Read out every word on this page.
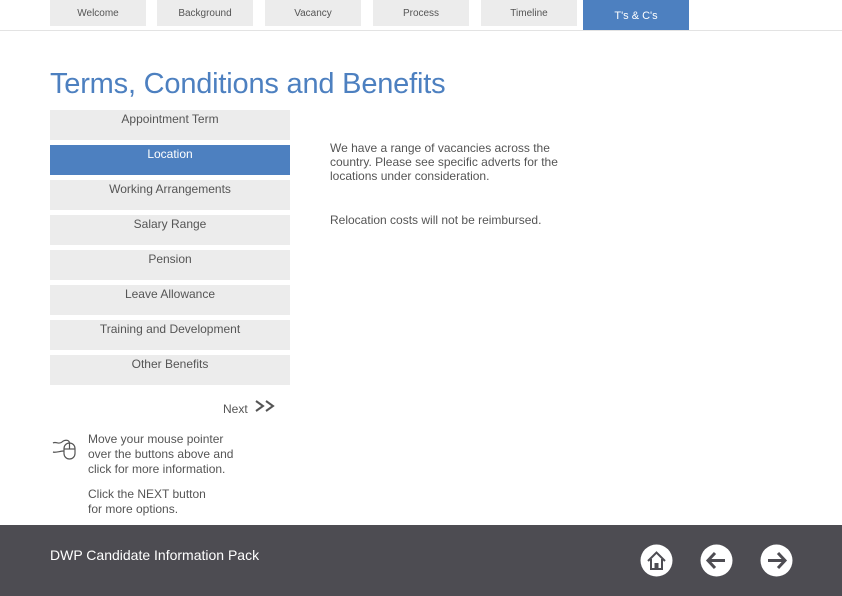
Welcome	Background	Vacancy	Process	Timeline	T's & C's
Terms, Conditions and Benefits
Appointment Term
Location
Working Arrangements
Salary Range
Pension
Leave Allowance
Training and Development
Other Benefits
We have a range of vacancies across the country. Please see specific adverts for the locations under consideration.
Relocation costs will not be reimbursed.
Next
Move your mouse pointer over the buttons above and click for more information.
Click the NEXT button for more options.
DWP Candidate Information Pack
